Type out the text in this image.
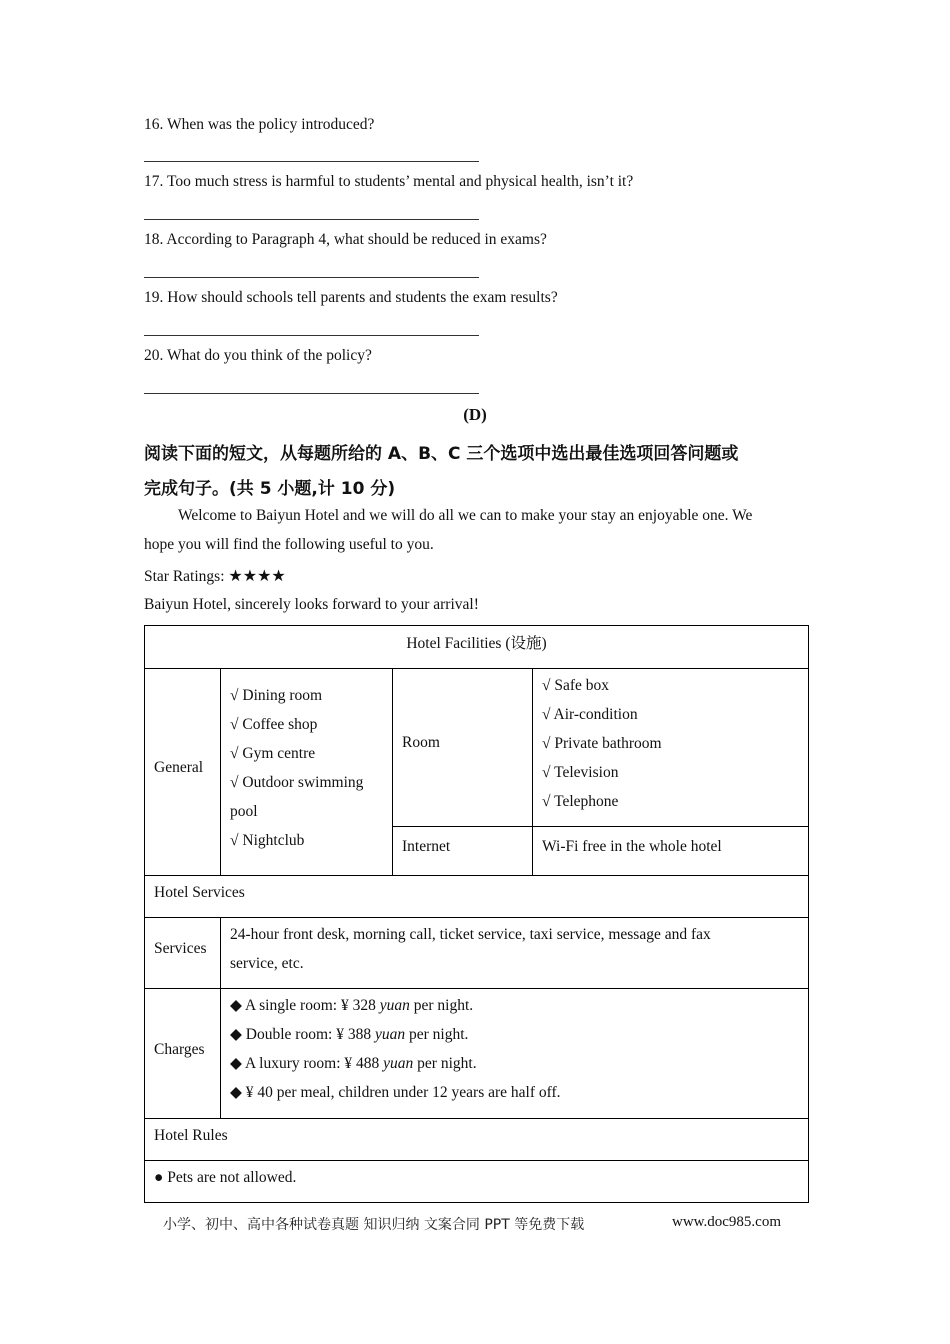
16. When was the policy introduced?
17. Too much stress is harmful to students’ mental and physical health, isn’t it?
18. According to Paragraph 4, what should be reduced in exams?
19. How should schools tell parents and students the exam results?
20. What do you think of the policy?
(D)
阅读下面的短文，从每题所给的 A、B、C 三个选项中选出最佳选项回答问题或
完成句子。(共 5 小题,计 10 分)
Welcome to Baiyun Hotel and we will do all we can to make your stay an enjoyable one. We
hope you will find the following useful to you.
Star Ratings: ★★★★
Baiyun Hotel, sincerely looks forward to your arrival!
Hotel Facilities (设施)
General
√ Dining room
√ Coffee shop
√ Gym centre
√ Outdoor swimming
pool
√ Nightclub
Room
√ Safe box
√ Air-condition
√ Private bathroom
√ Television
√ Telephone
Internet	Wi-Fi free in the whole hotel
Hotel Services
Services
24-hour front desk, morning call, ticket service, taxi service, message and fax
service, etc.
Charges
◆ A single room: ¥ 328 yuan per night.
◆ Double room: ¥ 388 yuan per night.
◆ A luxury room: ¥ 488 yuan per night.
◆ ¥ 40 per meal, children under 12 years are half off.
Hotel Rules
● Pets are not allowed.
小学、初中、高中各种试卷真题 知识归纳 文案合同 PPT 等免费下载	www.doc985.com
